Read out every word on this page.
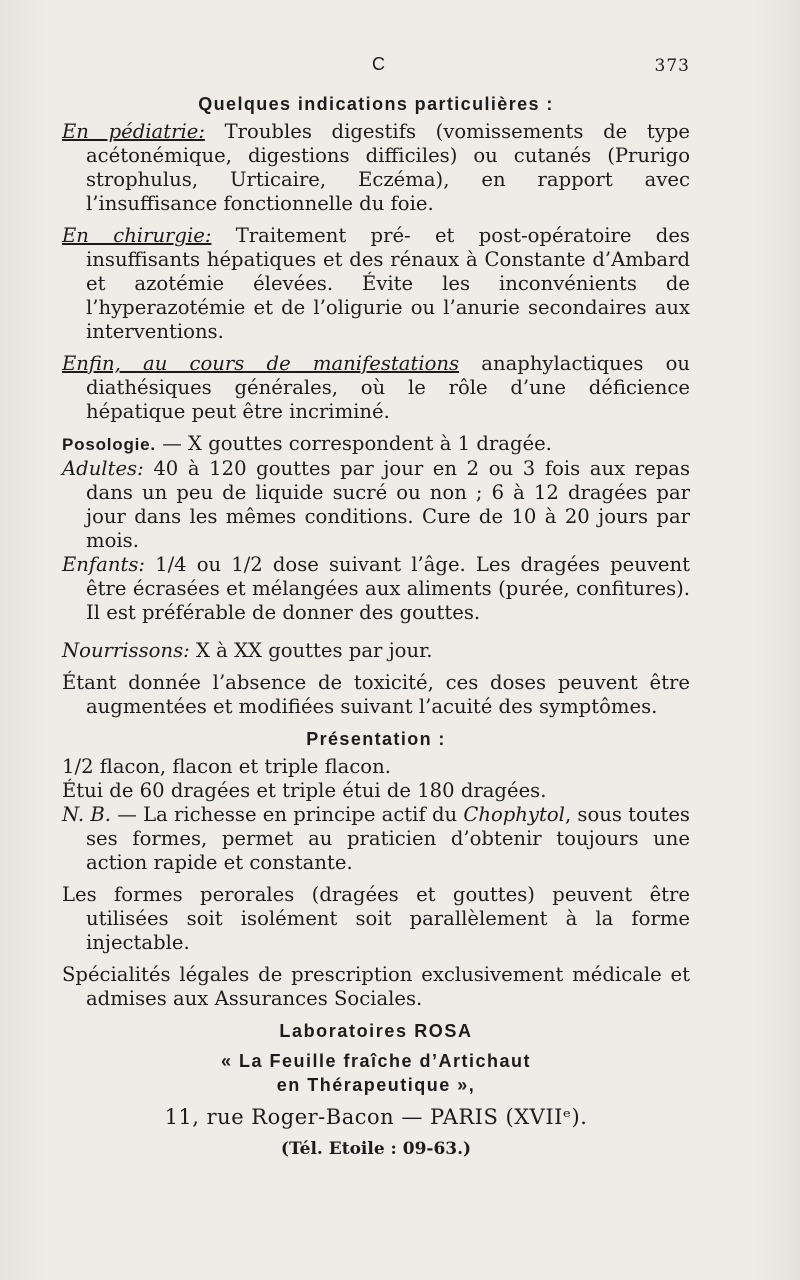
C	373
Quelques indications particulières :

En pédiatrie: Troubles digestifs (vomissements de type acétonémique, digestions difficiles) ou cutanés (Prurigo strophulus, Urticaire, Eczéma), en rapport avec l’insuffisance fonctionnelle du foie.

En chirurgie: Traitement pré- et post-opératoire des insuffisants hépatiques et des rénaux à Constante d’Ambard et azotémie élevées. Évite les inconvénients de l’hyperazotémie et de l’oligurie ou l’anurie secondaires aux interventions.

Enfin, au cours de manifestations anaphylactiques ou diathésiques générales, où le rôle d’une déficience hépatique peut être incriminé.

Posologie. — X gouttes correspondent à 1 dragée.

Adultes: 40 à 120 gouttes par jour en 2 ou 3 fois aux repas dans un peu de liquide sucré ou non ; 6 à 12 dragées par jour dans les mêmes conditions. Cure de 10 à 20 jours par mois.

Enfants: 1/4 ou 1/2 dose suivant l’âge. Les dragées peuvent être écrasées et mélangées aux aliments (purée, confitures). Il est préférable de donner des gouttes.

Nourrissons: X à XX gouttes par jour.

Étant donnée l’absence de toxicité, ces doses peuvent être augmentées et modifiées suivant l’acuité des symptômes.

Présentation :

1/2 flacon, flacon et triple flacon.

Étui de 60 dragées et triple étui de 180 dragées.

N. B. — La richesse en principe actif du Chophytol, sous toutes ses formes, permet au praticien d’obtenir toujours une action rapide et constante.

Les formes perorales (dragées et gouttes) peuvent être utilisées soit isolément soit parallèlement à la forme injectable.

Spécialités légales de prescription exclusivement médicale et admises aux Assurances Sociales.

Laboratoires ROSA
« La Feuille fraîche d’Artichaut
en Thérapeutique »,
11, rue Roger-Bacon — PARIS (XVIIᵉ).
(Tél. Etoile : 09-63.)
